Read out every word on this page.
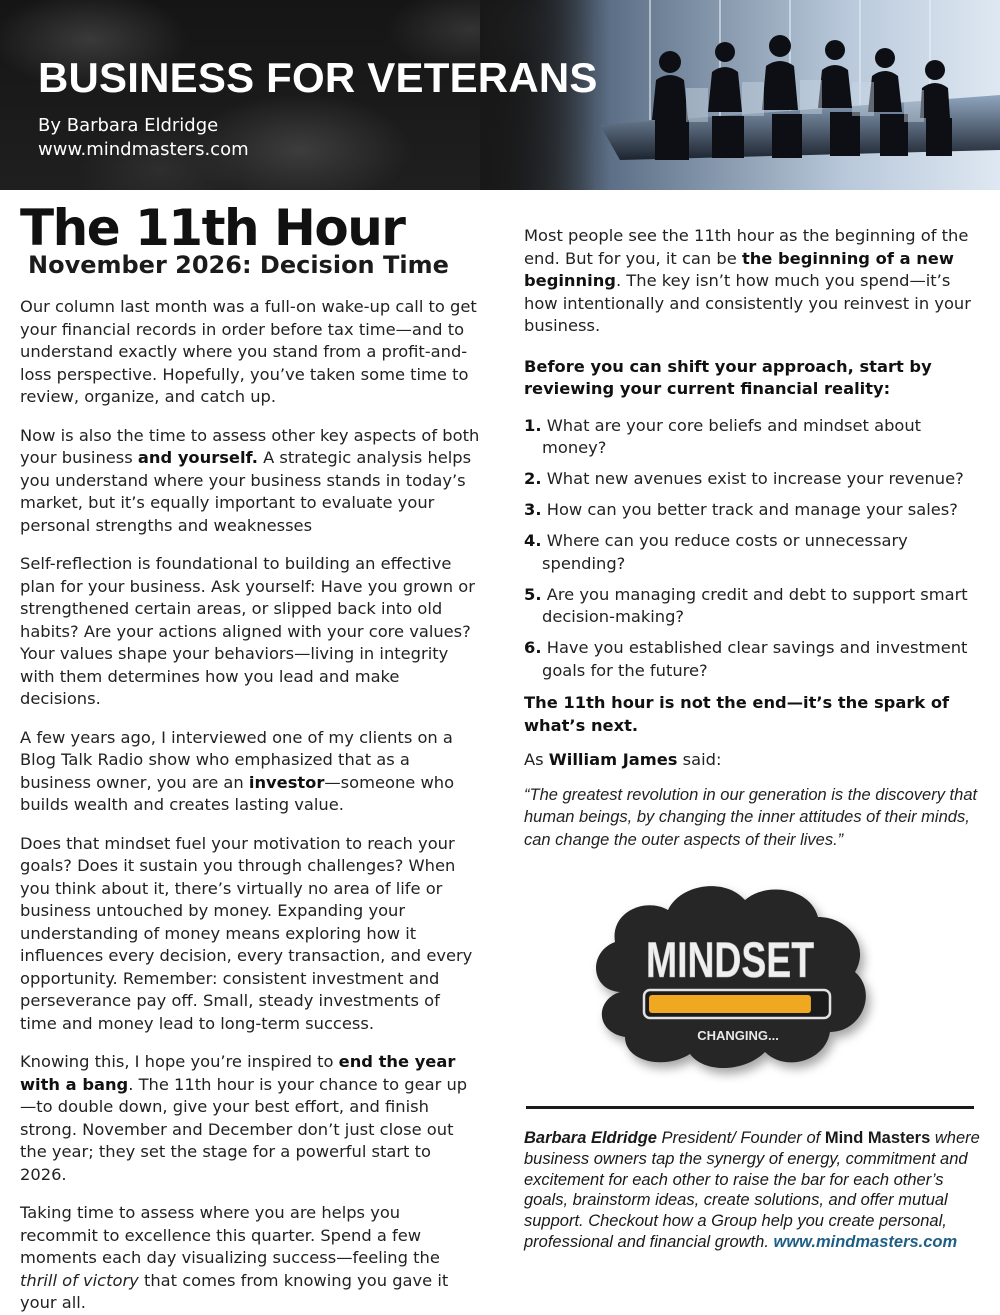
BUSINESS FOR VETERANS
By Barbara Eldridge
www.mindmasters.com
The 11th Hour
November 2026: Decision Time

Our column last month was a full-on wake-up call to get your financial records in order before tax time—and to understand exactly where you stand from a profit-and-loss perspective. Hopefully, you’ve taken some time to review, organize, and catch up.

Now is also the time to assess other key aspects of both your business and yourself. A strategic analysis helps you understand where your business stands in today’s market, but it’s equally important to evaluate your personal strengths and weaknesses

Self-reflection is foundational to building an effective plan for your business. Ask yourself: Have you grown or strengthened certain areas, or slipped back into old habits? Are your actions aligned with your core values? Your values shape your behaviors—living in integrity with them determines how you lead and make decisions.

A few years ago, I interviewed one of my clients on a Blog Talk Radio show who emphasized that as a business owner, you are an investor—someone who builds wealth and creates lasting value.

Does that mindset fuel your motivation to reach your goals? Does it sustain you through challenges? When you think about it, there’s virtually no area of life or business untouched by money. Expanding your understanding of money means exploring how it influences every decision, every transaction, and every opportunity. Remember: consistent investment and perseverance pay off. Small, steady investments of time and money lead to long-term success.

Knowing this, I hope you’re inspired to end the year with a bang. The 11th hour is your chance to gear up—to double down, give your best effort, and finish strong. November and December don’t just close out the year; they set the stage for a powerful start to 2026.

Taking time to assess where you are helps you recommit to excellence this quarter. Spend a few moments each day visualizing success—feeling the thrill of victory that comes from knowing you gave it your all.

Most people see the 11th hour as the beginning of the end. But for you, it can be the beginning of a new beginning. The key isn’t how much you spend—it’s how intentionally and consistently you reinvest in your business.

Before you can shift your approach, start by reviewing your current financial reality:

1. What are your core beliefs and mindset about money?
2. What new avenues exist to increase your revenue?
3. How can you better track and manage your sales?
4. Where can you reduce costs or unnecessary spending?
5. Are you managing credit and debt to support smart decision-making?
6. Have you established clear savings and investment goals for the future?

The 11th hour is not the end—it’s the spark of what’s next.

As William James said:

“The greatest revolution in our generation is the discovery that human beings, by changing the inner attitudes of their minds, can change the outer aspects of their lives.”

MINDSET
CHANGING...

Barbara Eldridge President/ Founder of Mind Masters where business owners tap the synergy of energy, commitment and excitement for each other to raise the bar for each other’s goals, brainstorm ideas, create solutions, and offer mutual support. Checkout how a Group help you create personal, professional and financial growth. www.mindmasters.com
